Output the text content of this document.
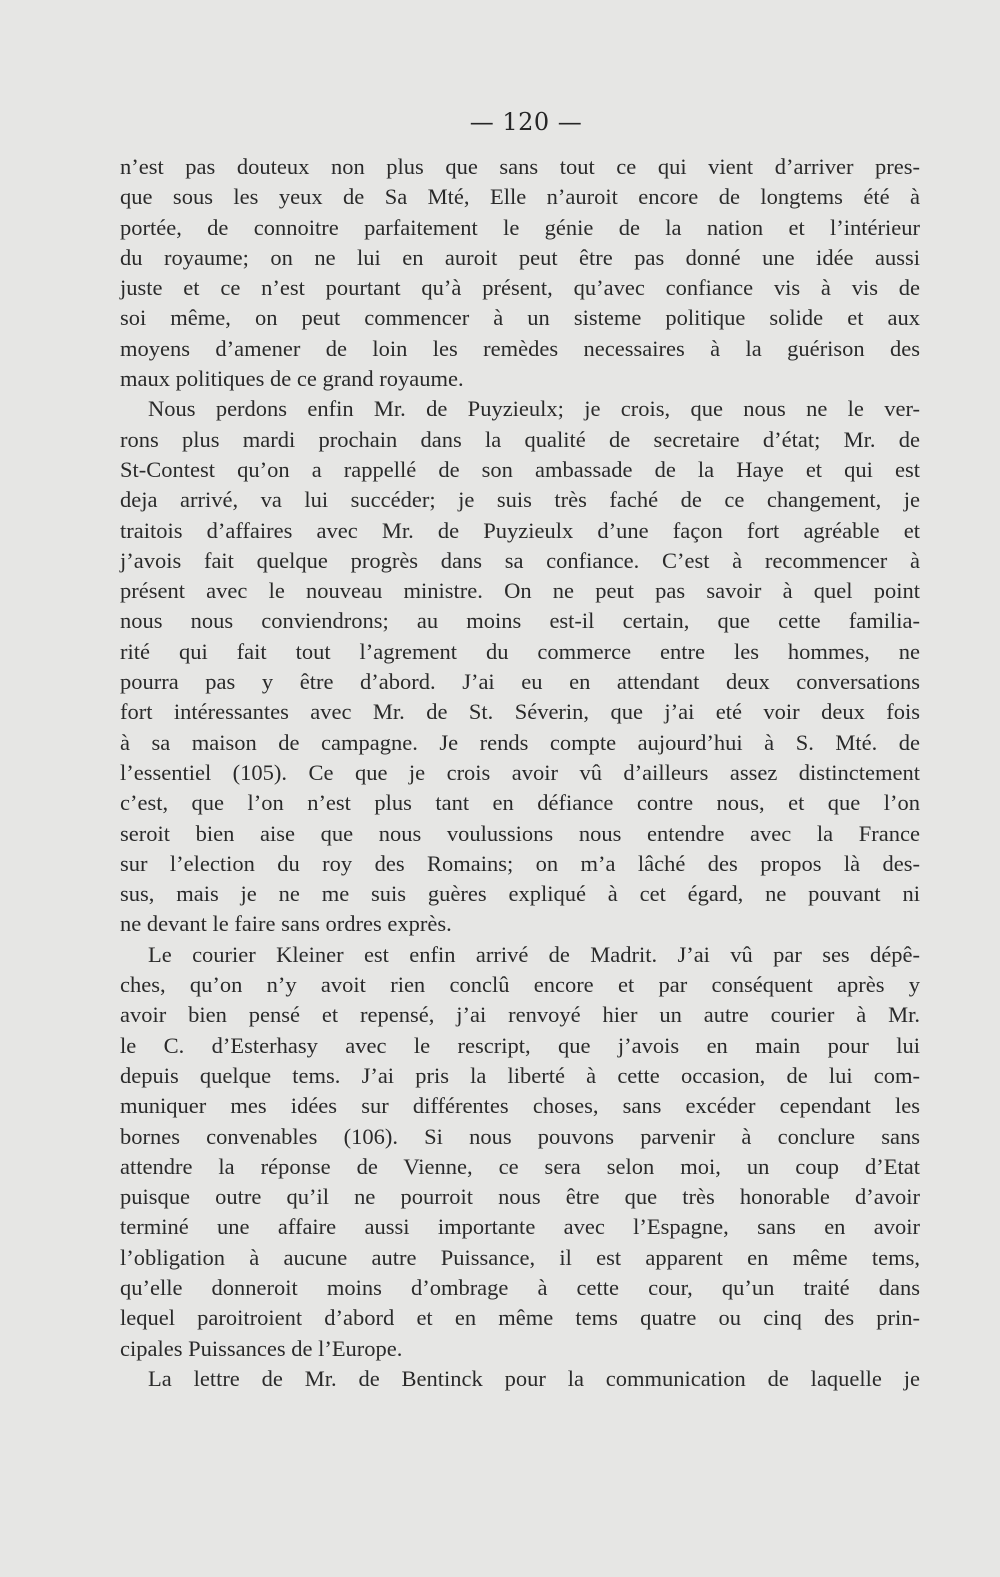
— 120 —
n’est pas douteux non plus que sans tout ce qui vient d’arriver pres-
que sous les yeux de Sa Mté, Elle n’auroit encore de longtems été à
portée, de connoitre parfaitement le génie de la nation et l’intérieur
du royaume; on ne lui en auroit peut être pas donné une idée aussi
juste et ce n’est pourtant qu’à présent, qu’avec confiance vis à vis de
soi même, on peut commencer à un sisteme politique solide et aux
moyens d’amener de loin les remèdes necessaires à la guérison des
maux politiques de ce grand royaume.
Nous perdons enfin Mr. de Puyzieulx; je crois, que nous ne le ver-
rons plus mardi prochain dans la qualité de secretaire d’état; Mr. de
St-Contest qu’on a rappellé de son ambassade de la Haye et qui est
deja arrivé, va lui succéder; je suis très faché de ce changement, je
traitois d’affaires avec Mr. de Puyzieulx d’une façon fort agréable et
j’avois fait quelque progrès dans sa confiance. C’est à recommencer à
présent avec le nouveau ministre. On ne peut pas savoir à quel point
nous nous conviendrons; au moins est-il certain, que cette familia-
rité qui fait tout l’agrement du commerce entre les hommes, ne
pourra pas y être d’abord. J’ai eu en attendant deux conversations
fort intéressantes avec Mr. de St. Séverin, que j’ai eté voir deux fois
à sa maison de campagne. Je rends compte aujourd’hui à S. Mté. de
l’essentiel (105). Ce que je crois avoir vû d’ailleurs assez distinctement
c’est, que l’on n’est plus tant en défiance contre nous, et que l’on
seroit bien aise que nous voulussions nous entendre avec la France
sur l’election du roy des Romains; on m’a lâché des propos là des-
sus, mais je ne me suis guères expliqué à cet égard, ne pouvant ni
ne devant le faire sans ordres exprès.
Le courier Kleiner est enfin arrivé de Madrit. J’ai vû par ses dépê-
ches, qu’on n’y avoit rien conclû encore et par conséquent après y
avoir bien pensé et repensé, j’ai renvoyé hier un autre courier à Mr.
le C. d’Esterhasy avec le rescript, que j’avois en main pour lui
depuis quelque tems. J’ai pris la liberté à cette occasion, de lui com-
muniquer mes idées sur différentes choses, sans excéder cependant les
bornes convenables (106). Si nous pouvons parvenir à conclure sans
attendre la réponse de Vienne, ce sera selon moi, un coup d’Etat
puisque outre qu’il ne pourroit nous être que très honorable d’avoir
terminé une affaire aussi importante avec l’Espagne, sans en avoir
l’obligation à aucune autre Puissance, il est apparent en même tems,
qu’elle donneroit moins d’ombrage à cette cour, qu’un traité dans
lequel paroitroient d’abord et en même tems quatre ou cinq des prin-
cipales Puissances de l’Europe.
La lettre de Mr. de Bentinck pour la communication de laquelle je
